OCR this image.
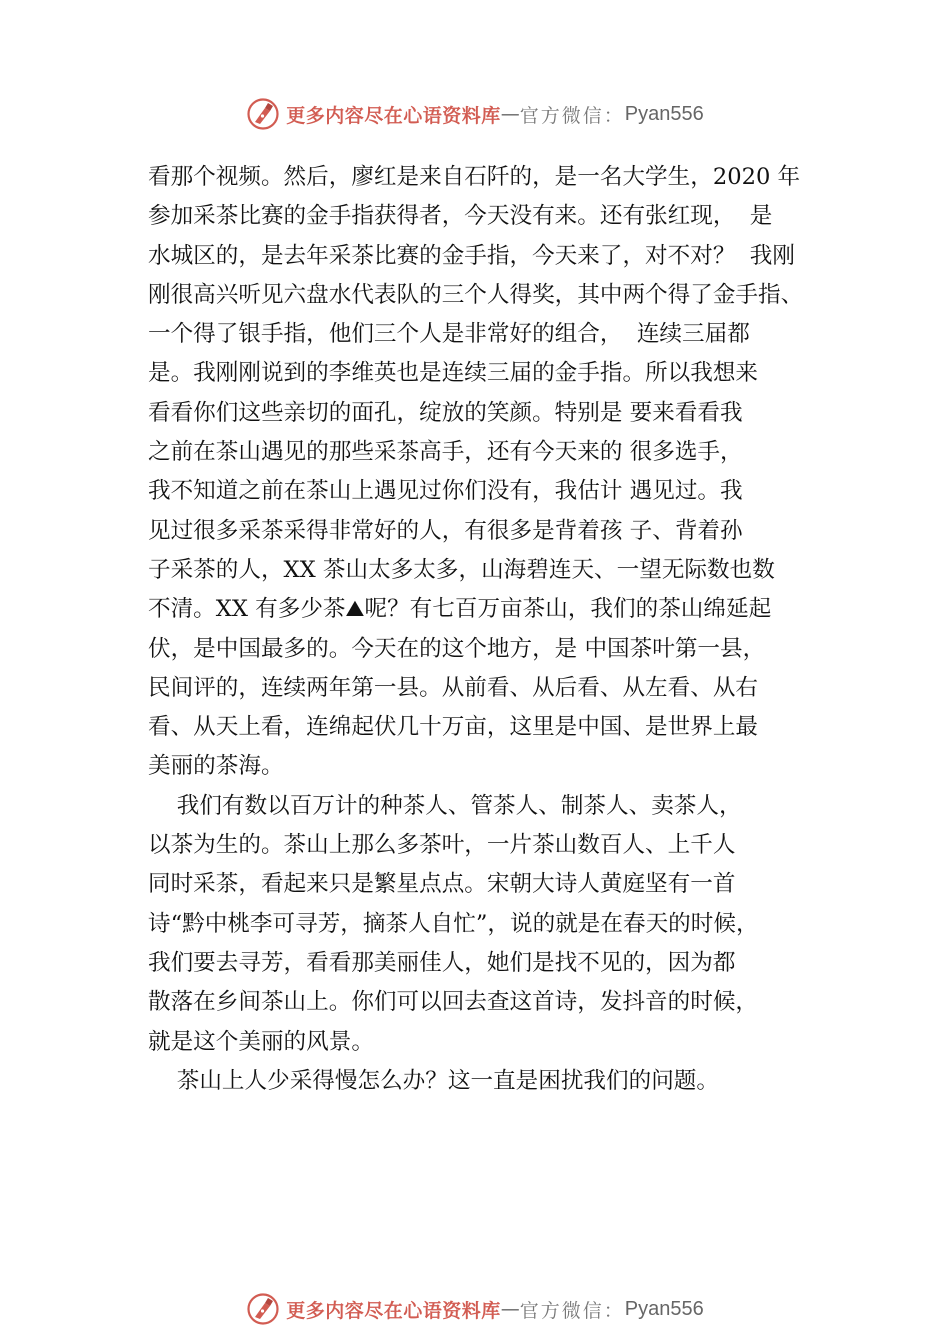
更多内容尽在心语资料库 — 官方微信： Pyan556
看那个视频。然后，廖红是来自石阡的，是一名大学生，2020 年
参加采茶比赛的金手指获得者，今天没有来。还有张红现，  是
水城区的，是去年采茶比赛的金手指，今天来了，对不对？  我刚
刚很高兴听见六盘水代表队的三个人得奖，其中两个得了金手指、
一个得了银手指，他们三个人是非常好的组合，  连续三届都
是。我刚刚说到的李维英也是连续三届的金手指。所以我想来
看看你们这些亲切的面孔，绽放的笑颜。特别是 要来看看我
之前在茶山遇见的那些采茶高手，还有今天来的 很多选手，
我不知道之前在茶山上遇见过你们没有，我估计 遇见过。我
见过很多采茶采得非常好的人，有很多是背着孩 子、背着孙
子采茶的人，XX 茶山太多太多，山海碧连天、一望无际数也数
不清。XX 有多少茶⛰呢？有七百万亩茶山，我们的茶山绵延起
伏，是中国最多的。今天在的这个地方，是 中国茶叶第一县，
民间评的，连续两年第一县。从前看、从后看、从左看、从右
看、从天上看，连绵起伏几十万亩，这里是中国、是世界上最
美丽的茶海。
我们有数以百万计的种茶人、管茶人、制茶人、卖茶人，
以茶为生的。茶山上那么多茶叶，一片茶山数百人、上千人
同时采茶，看起来只是繁星点点。宋朝大诗人黄庭坚有一首
诗“黔中桃李可寻芳，摘茶人自忙”，说的就是在春天的时候，
我们要去寻芳，看看那美丽佳人，她们是找不见的，因为都
散落在乡间茶山上。你们可以回去查这首诗，发抖音的时候，
就是这个美丽的风景。
茶山上人少采得慢怎么办？这一直是困扰我们的问题。
更多内容尽在心语资料库 — 官方微信： Pyan556
